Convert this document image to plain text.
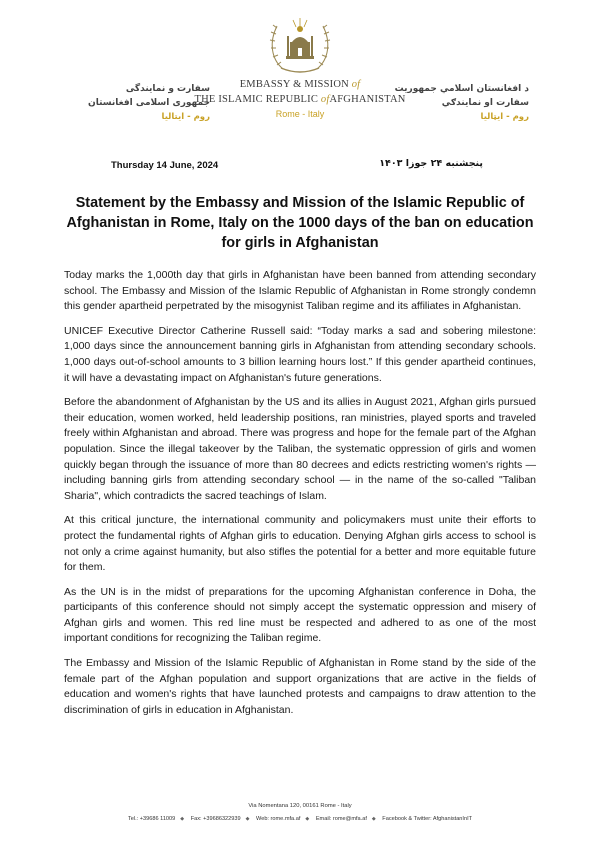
سفارت و نمایندگی
جمهوری اسلامی افغانستان
روم - ایتالیا
EMBASSY & MISSION of
THE ISLAMIC REPUBLIC ofAFGHANISTAN
Rome - Italy
د افغانستان اسلامي جمهوریت
سفارت او نمایندګي
روم - ایټالیا
Thursday 14 June, 2024	پنجشنبه ۲۴ جوزا ۱۴۰۳
Statement by the Embassy and Mission of the Islamic Republic of Afghanistan in Rome, Italy on the 1000 days of the ban on education for girls in Afghanistan

Today marks the 1,000th day that girls in Afghanistan have been banned from attending secondary school. The Embassy and Mission of the Islamic Republic of Afghanistan in Rome strongly condemn this gender apartheid perpetrated by the misogynist Taliban regime and its affiliates in Afghanistan.

UNICEF Executive Director Catherine Russell said: “Today marks a sad and sobering milestone: 1,000 days since the announcement banning girls in Afghanistan from attending secondary schools. 1,000 days out-of-school amounts to 3 billion learning hours lost.” If this gender apartheid continues, it will have a devastating impact on Afghanistan's future generations.

Before the abandonment of Afghanistan by the US and its allies in August 2021, Afghan girls pursued their education, women worked, held leadership positions, ran ministries, played sports and traveled freely within Afghanistan and abroad. There was progress and hope for the female part of the Afghan population. Since the illegal takeover by the Taliban, the systematic oppression of girls and women quickly began through the issuance of more than 80 decrees and edicts restricting women's rights — including banning girls from attending secondary school — in the name of the so-called "Taliban Sharia", which contradicts the sacred teachings of Islam.

At this critical juncture, the international community and policymakers must unite their efforts to protect the fundamental rights of Afghan girls to education. Denying Afghan girls access to school is not only a crime against humanity, but also stifles the potential for a better and more equitable future for them.

As the UN is in the midst of preparations for the upcoming Afghanistan conference in Doha, the participants of this conference should not simply accept the systematic oppression and misery of Afghan girls and women. This red line must be respected and adhered to as one of the most important conditions for recognizing the Taliban regime.

The Embassy and Mission of the Islamic Republic of Afghanistan in Rome stand by the side of the female part of the Afghan population and support organizations that are active in the fields of education and women's rights that have launched protests and campaigns to draw attention to the discrimination of girls in education in Afghanistan.

Via Nomentana 120, 00161 Rome - Italy
Tel.: +39686 11009 ◆ Fax: +39686322939 ◆ Web: rome.mfa.af ◆ Email: rome@mfa.af ◆ Facebook & Twitter: AfghanistanInIT
